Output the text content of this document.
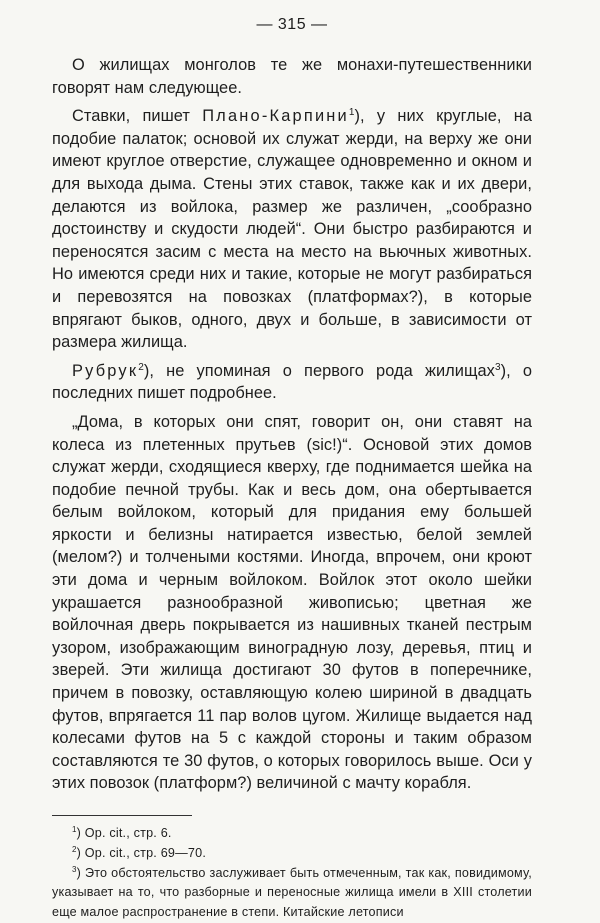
— 315 —

О жилищах монголов те же монахи-путешественники говорят нам следующее.

Ставки, пишет Плано-Карпини$^1$), у них круглые, на подобие палаток; основой их служат жерди, на верху же они имеют круглое отверстие, служащее одновременно и окном и для выхода дыма. Стены этих ставок, также как и их двери, делаются из войлока, размер же различен, „сообразно достоинству и скудости людей“. Они быстро разбираются и переносятся засим с места на место на вьючных животных. Но имеются среди них и такие, которые не могут разбираться и перевозятся на повозках (платформах?), в которые впрягают быков, одного, двух и больше, в зависимости от размера жилища.

Рубрук$^2$), не упоминая о первого рода жилищах$^3$), о последних пишет подробнее.

„Дома, в которых они спят, говорит он, они ставят на колеса из плетенных прутьев (sic!)“. Основой этих домов служат жерди, сходящиеся кверху, где поднимается шейка на подобие печной трубы. Как и весь дом, она обертывается белым войлоком, который для придания ему большей яркости и белизны натирается известью, белой землей (мелом?) и толчеными костями. Иногда, впрочем, они кроют эти дома и черным войлоком. Войлок этот около шейки украшается разнообразной живописью; цветная же войлочная дверь покрывается из нашивных тканей пестрым узором, изображающим виноградную лозу, деревья, птиц и зверей. Эти жилища достигают 30 футов в поперечнике, причем в повозку, оставляющую колею шириной в двадцать футов, впрягается 11 пар волов цугом. Жилище выдается над колесами футов на 5 с каждой стороны и таким образом составляются те 30 футов, о которых говорилось выше. Оси у этих повозок (платформ?) величиной с мачту корабля.

$^1$) Op. cit., стр. 6.

$^2$) Op. cit., стр. 69—70.

$^3$) Это обстоятельство заслуживает быть отмеченным, так как, повидимому, указывает на то, что разборные и переносные жилища имели в XIII столетии еще малое распространение в степи. Китайские летописи
